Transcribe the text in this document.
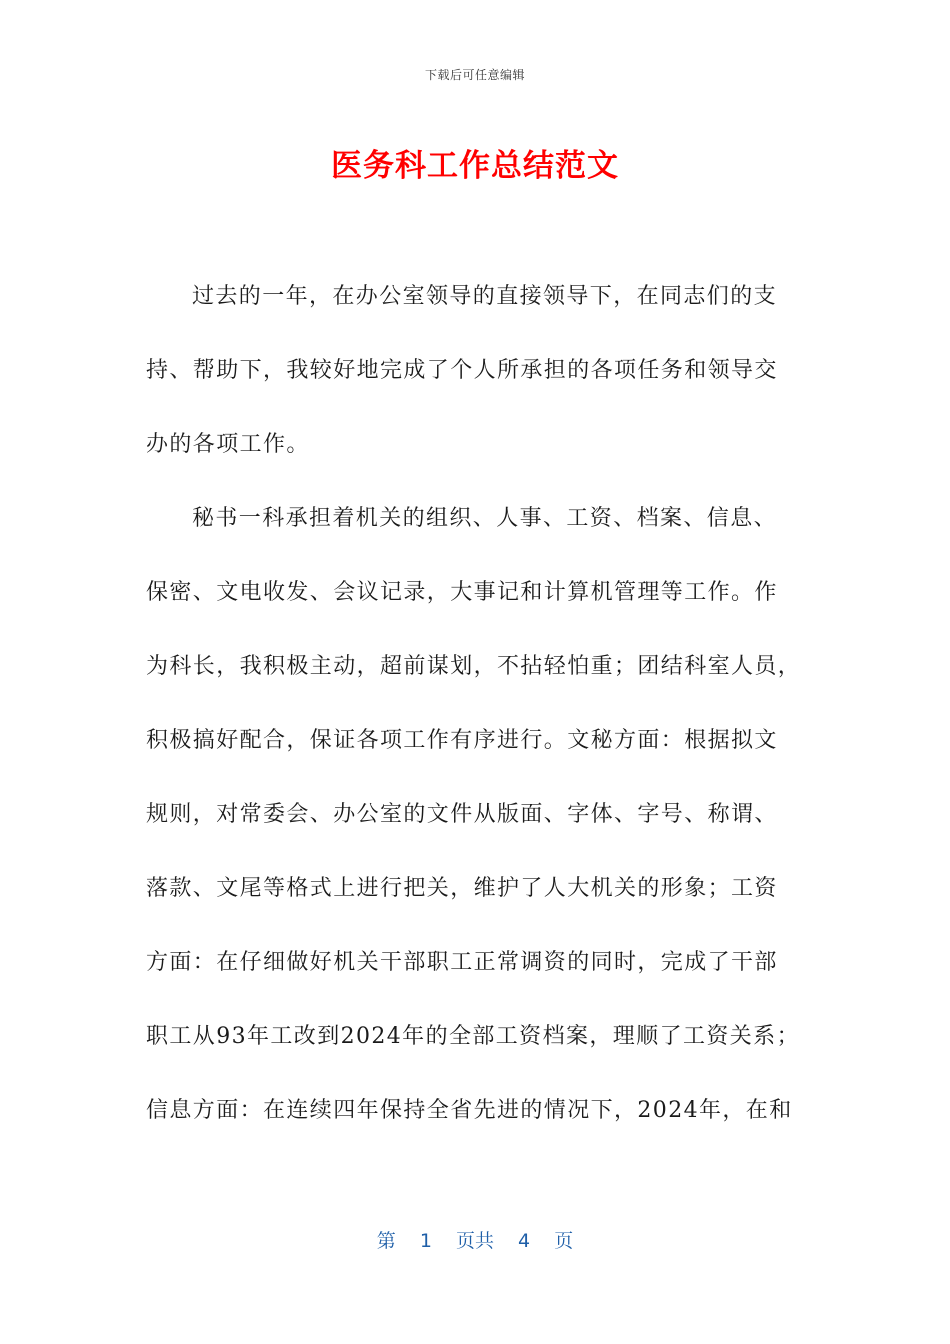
下载后可任意编辑
医务科工作总结范文
过去的一年，在办公室领导的直接领导下，在同志们的支
持、帮助下，我较好地完成了个人所承担的各项任务和领导交
办的各项工作。
秘书一科承担着机关的组织、人事、工资、档案、信息、
保密、文电收发、会议记录，大事记和计算机管理等工作。作
为科长，我积极主动，超前谋划，不拈轻怕重；团结科室人员，
积极搞好配合，保证各项工作有序进行。文秘方面：根据拟文
规则，对常委会、办公室的文件从版面、字体、字号、称谓、
落款、文尾等格式上进行把关，维护了人大机关的形象；工资
方面：在仔细做好机关干部职工正常调资的同时，完成了干部
职工从93年工改到2024年的全部工资档案，理顺了工资关系；
信息方面：在连续四年保持全省先进的情况下，2024年，在和
第 1 页共 4 页
